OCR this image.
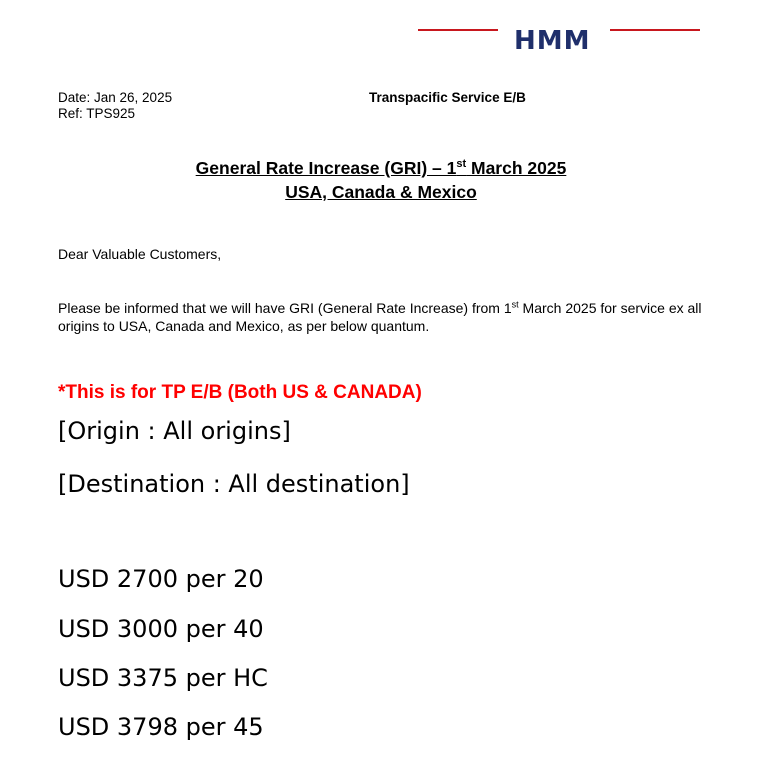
HMM
Date: Jan 26, 2025
Ref: TPS925
Transpacific Service E/B
General Rate Increase (GRI) – 1st March 2025
USA, Canada & Mexico
Dear Valuable Customers,
Please be informed that we will have GRI (General Rate Increase) from 1st March 2025 for service ex all origins to USA, Canada and Mexico, as per below quantum.
*This is for TP E/B (Both US & CANADA)
[Origin : All origins]
[Destination : All destination]
USD 2700 per 20
USD 3000 per 40
USD 3375 per HC
USD 3798 per 45
